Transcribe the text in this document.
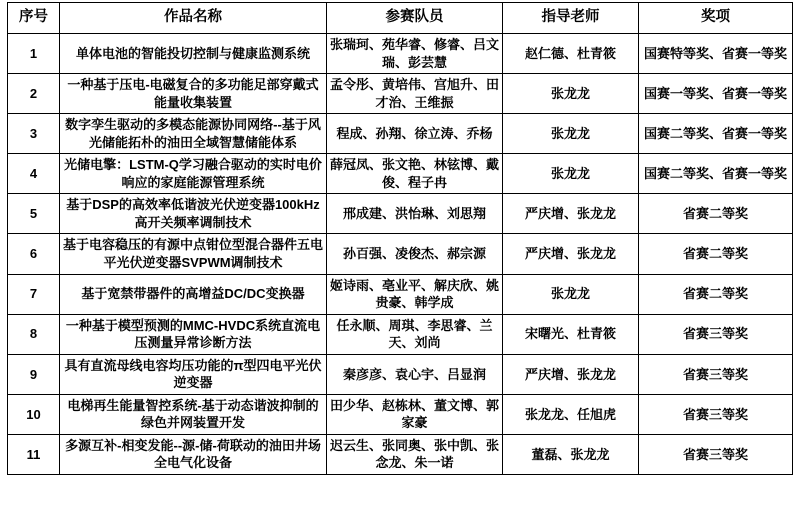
序号	作品名称	参赛队员	指导老师	奖项
1	单体电池的智能投切控制与健康监测系统	张瑞珂、苑华睿、修睿、吕文瑞、彭芸慧	赵仁德、杜青筱	国赛特等奖、省赛一等奖
2	一种基于压电-电磁复合的多功能足部穿戴式能量收集装置	孟令彤、黄培伟、宫旭升、田才治、王维振	张龙龙	国赛一等奖、省赛一等奖
3	数字孪生驱动的多模态能源协同网络--基于风光储能拓朴的油田全域智慧储能体系	程成、孙翔、徐立涛、乔杨	张龙龙	国赛二等奖、省赛一等奖
4	光储电擎：LSTM-Q学习融合驱动的实时电价响应的家庭能源管理系统	薛冠凤、张文艳、林铉博、戴俊、程子冉	张龙龙	国赛二等奖、省赛一等奖
5	基于DSP的高效率低谐波光伏逆变器100kHz高开关频率调制技术	邢成建、洪怡琳、刘思翔	严庆增、张龙龙	省赛二等奖
6	基于电容稳压的有源中点钳位型混合器件五电平光伏逆变器SVPWM调制技术	孙百强、凌俊杰、郝宗源	严庆增、张龙龙	省赛二等奖
7	基于宽禁带器件的高增益DC/DC变换器	姬诗雨、亳业平、解庆欣、姚贵豪、韩学成	张龙龙	省赛二等奖
8	一种基于模型预测的MMC-HVDC系统直流电压测量异常诊断方法	任永顺、周琪、李思睿、兰天、刘尚	宋曙光、杜青筱	省赛三等奖
9	具有直流母线电容均压功能的π型四电平光伏逆变器	秦彦彦、袁心宇、吕显润	严庆增、张龙龙	省赛三等奖
10	电梯再生能量智控系统-基于动态谐波抑制的绿色并网装置开发	田少华、赵栋林、董文博、郭家豪	张龙龙、任旭虎	省赛三等奖
11	多源互补-相变发能--源-储-荷联动的油田井场全电气化设备	迟云生、张同奥、张中凯、张念龙、朱一诺	董磊、张龙龙	省赛三等奖
